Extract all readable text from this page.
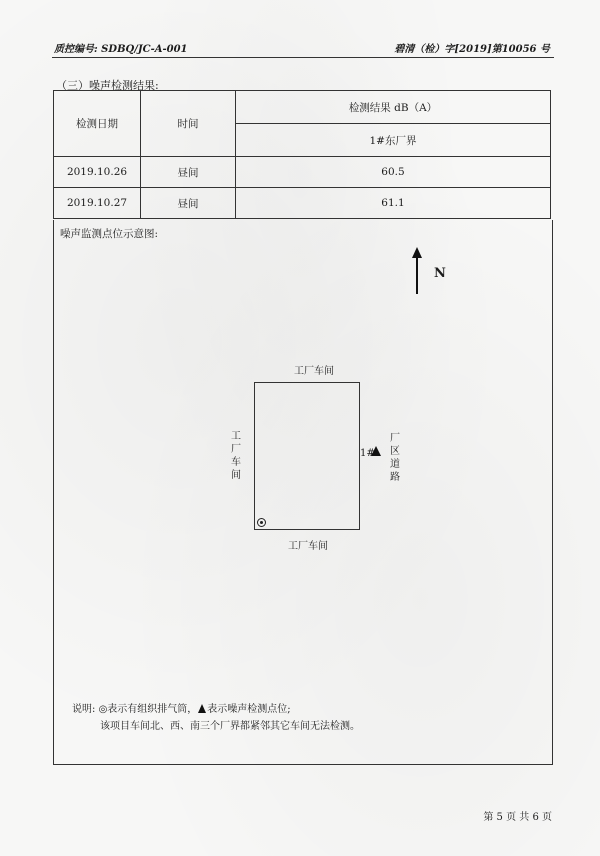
质控编号: SDBQ/JC-A-001	碧清（检）字[2019]第10056 号
（三）噪声检测结果:
检测日期	时间	检测结果 dB（A）
		1#东厂界
2019.10.26	昼间	60.5
2019.10.27	昼间	61.1
噪声监测点位示意图:
N
工厂车间
工厂车间
1#
厂区道路
工厂车间
说明: ◎表示有组织排气筒， 表示噪声检测点位;
该项目车间北、西、南三个厂界都紧邻其它车间无法检测。
第 5 页 共 6 页
